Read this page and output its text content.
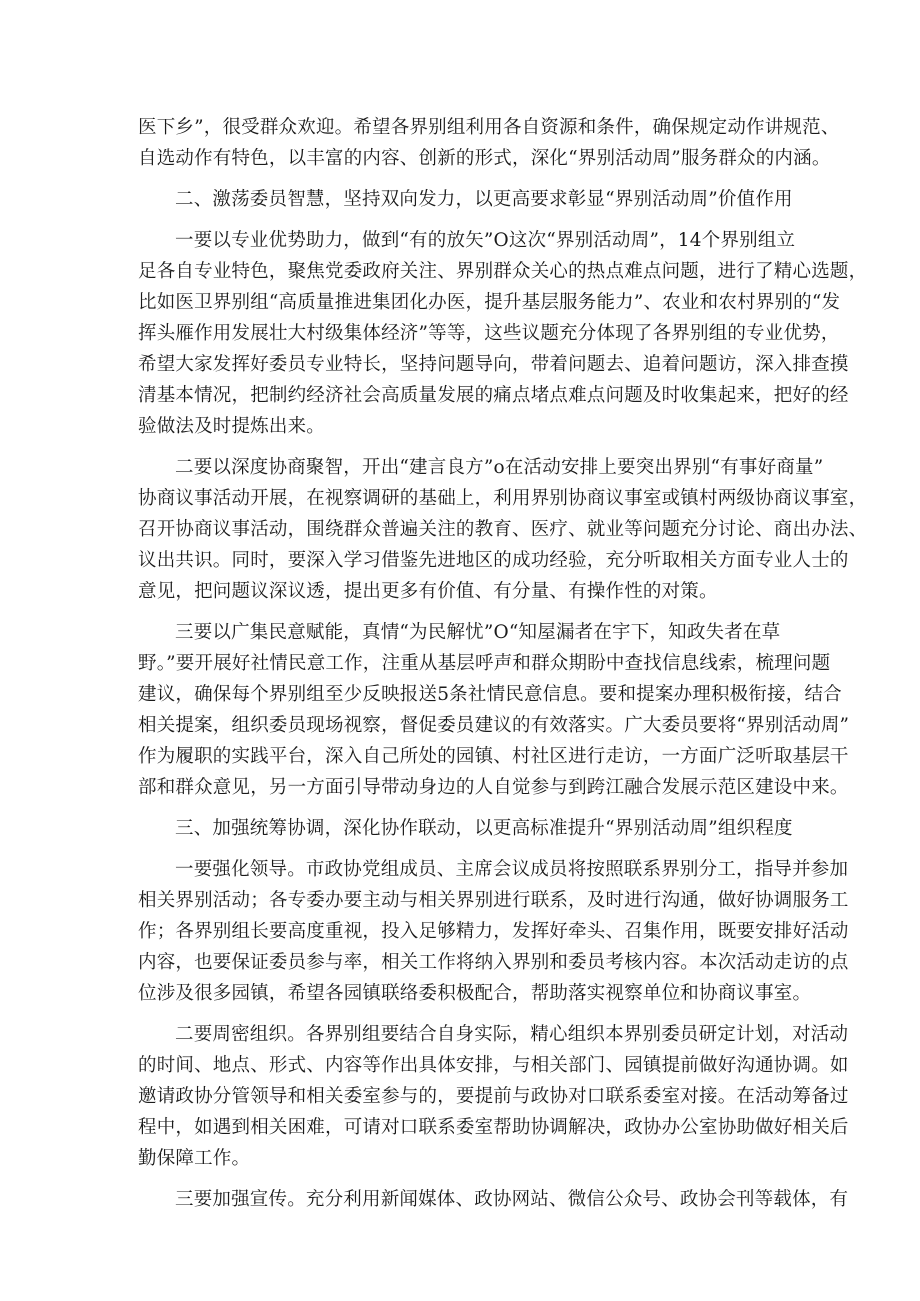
医下乡”，很受群众欢迎。希望各界别组利用各自资源和条件，确保规定动作讲规范、
自选动作有特色，以丰富的内容、创新的形式，深化“界别活动周”服务群众的内涵。
二、激荡委员智慧，坚持双向发力，以更高要求彰显“界别活动周”价值作用
一要以专业优势助力，做到“有的放矢”O这次“界别活动周”，14个界别组立
足各自专业特色，聚焦党委政府关注、界别群众关心的热点难点问题，进行了精心选题，
比如医卫界别组“高质量推进集团化办医，提升基层服务能力”、农业和农村界别的“发
挥头雁作用发展壮大村级集体经济”等等，这些议题充分体现了各界别组的专业优势，
希望大家发挥好委员专业特长，坚持问题导向，带着问题去、追着问题访，深入排查摸
清基本情况，把制约经济社会高质量发展的痛点堵点难点问题及时收集起来，把好的经
验做法及时提炼出来。
二要以深度协商聚智，开出“建言良方”o在活动安排上要突出界别“有事好商量”
协商议事活动开展，在视察调研的基础上，利用界别协商议事室或镇村两级协商议事室，
召开协商议事活动，围绕群众普遍关注的教育、医疗、就业等问题充分讨论、商出办法、
议出共识。同时，要深入学习借鉴先进地区的成功经验，充分听取相关方面专业人士的
意见，把问题议深议透，提出更多有价值、有分量、有操作性的对策。
三要以广集民意赋能，真情“为民解忧”O“知屋漏者在宇下，知政失者在草
野。”要开展好社情民意工作，注重从基层呼声和群众期盼中查找信息线索，梳理问题
建议，确保每个界别组至少反映报送5条社情民意信息。要和提案办理积极衔接，结合
相关提案，组织委员现场视察，督促委员建议的有效落实。广大委员要将“界别活动周”
作为履职的实践平台，深入自己所处的园镇、村社区进行走访，一方面广泛听取基层干
部和群众意见，另一方面引导带动身边的人自觉参与到跨江融合发展示范区建设中来。
三、加强统筹协调，深化协作联动，以更高标准提升“界别活动周”组织程度
一要强化领导。市政协党组成员、主席会议成员将按照联系界别分工，指导并参加
相关界别活动；各专委办要主动与相关界别进行联系，及时进行沟通，做好协调服务工
作；各界别组长要高度重视，投入足够精力，发挥好牵头、召集作用，既要安排好活动
内容，也要保证委员参与率，相关工作将纳入界别和委员考核内容。本次活动走访的点
位涉及很多园镇，希望各园镇联络委积极配合，帮助落实视察单位和协商议事室。
二要周密组织。各界别组要结合自身实际，精心组织本界别委员研定计划，对活动
的时间、地点、形式、内容等作出具体安排，与相关部门、园镇提前做好沟通协调。如
邀请政协分管领导和相关委室参与的，要提前与政协对口联系委室对接。在活动筹备过
程中，如遇到相关困难，可请对口联系委室帮助协调解决，政协办公室协助做好相关后
勤保障工作。
三要加强宣传。充分利用新闻媒体、政协网站、微信公众号、政协会刊等载体，有
